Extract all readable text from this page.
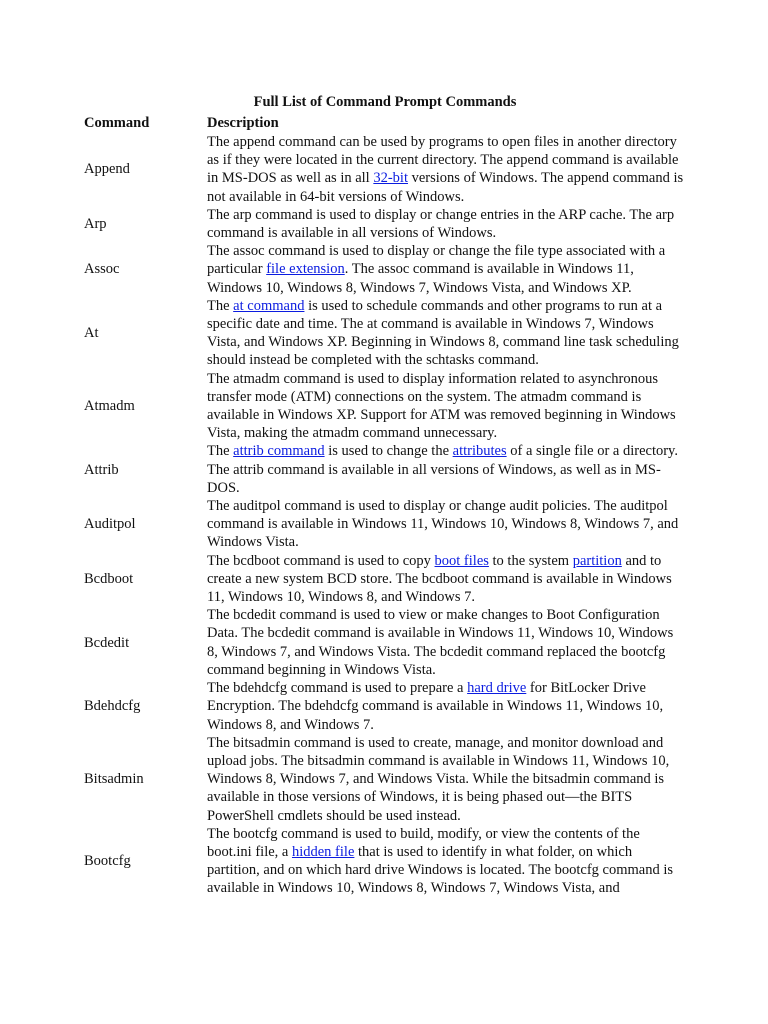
Full List of Command Prompt Commands
Command	Description
Append	The append command can be used by programs to open files in another directory as if they were located in the current directory. The append command is available in MS-DOS as well as in all 32-bit versions of Windows. The append command is not available in 64-bit versions of Windows.
Arp	The arp command is used to display or change entries in the ARP cache. The arp command is available in all versions of Windows.
Assoc	The assoc command is used to display or change the file type associated with a particular file extension. The assoc command is available in Windows 11, Windows 10, Windows 8, Windows 7, Windows Vista, and Windows XP.
At	The at command is used to schedule commands and other programs to run at a specific date and time. The at command is available in Windows 7, Windows Vista, and Windows XP. Beginning in Windows 8, command line task scheduling should instead be completed with the schtasks command.
Atmadm	The atmadm command is used to display information related to asynchronous transfer mode (ATM) connections on the system. The atmadm command is available in Windows XP. Support for ATM was removed beginning in Windows Vista, making the atmadm command unnecessary.
Attrib	The attrib command is used to change the attributes of a single file or a directory. The attrib command is available in all versions of Windows, as well as in MS-DOS.
Auditpol	The auditpol command is used to display or change audit policies. The auditpol command is available in Windows 11, Windows 10, Windows 8, Windows 7, and Windows Vista.
Bcdboot	The bcdboot command is used to copy boot files to the system partition and to create a new system BCD store. The bcdboot command is available in Windows 11, Windows 10, Windows 8, and Windows 7.
Bcdedit	The bcdedit command is used to view or make changes to Boot Configuration Data. The bcdedit command is available in Windows 11, Windows 10, Windows 8, Windows 7, and Windows Vista. The bcdedit command replaced the bootcfg command beginning in Windows Vista.
Bdehdcfg	The bdehdcfg command is used to prepare a hard drive for BitLocker Drive Encryption. The bdehdcfg command is available in Windows 11, Windows 10, Windows 8, and Windows 7.
Bitsadmin	The bitsadmin command is used to create, manage, and monitor download and upload jobs. The bitsadmin command is available in Windows 11, Windows 10, Windows 8, Windows 7, and Windows Vista. While the bitsadmin command is available in those versions of Windows, it is being phased out—the BITS PowerShell cmdlets should be used instead.
Bootcfg	The bootcfg command is used to build, modify, or view the contents of the boot.ini file, a hidden file that is used to identify in what folder, on which partition, and on which hard drive Windows is located. The bootcfg command is available in Windows 10, Windows 8, Windows 7, Windows Vista, and
